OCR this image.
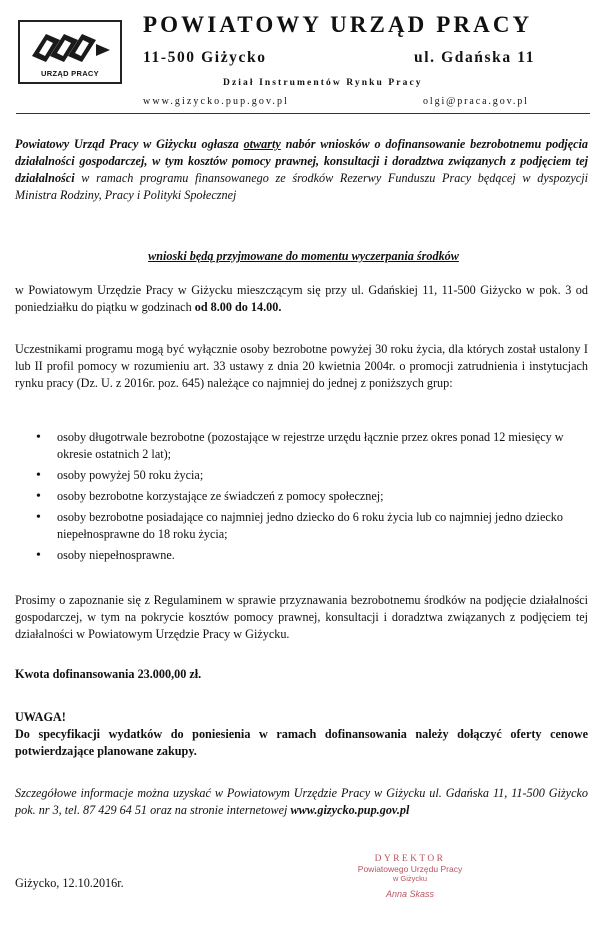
URZĄD PRACY
POWIATOWY URZĄD PRACY
11-500 Giżycko	ul. Gdańska 11
Dział Instrumentów Rynku Pracy
www.gizycko.pup.gov.pl	olgi@praca.gov.pl

Powiatowy Urząd Pracy w Giżycku ogłasza otwarty nabór wniosków o dofinansowanie bezrobotnemu podjęcia działalności gospodarczej, w tym kosztów pomocy prawnej, konsultacji i doradztwa związanych z podjęciem tej działalności w ramach programu finansowanego ze środków Rezerwy Funduszu Pracy będącej w dyspozycji Ministra Rodziny, Pracy i Polityki Społecznej

wnioski będą przyjmowane do momentu wyczerpania środków

w Powiatowym Urzędzie Pracy w Giżycku mieszczącym się przy ul. Gdańskiej 11, 11-500 Giżycko w pok. 3 od poniedziałku do piątku w godzinach od 8.00 do 14.00.

Uczestnikami programu mogą być wyłącznie osoby bezrobotne powyżej 30 roku życia, dla których został ustalony I lub II profil pomocy w rozumieniu art. 33 ustawy z dnia 20 kwietnia 2004r. o promocji zatrudnienia i instytucjach rynku pracy (Dz. U. z 2016r. poz. 645) należące co najmniej do jednej z poniższych grup:

• osoby długotrwale bezrobotne (pozostające w rejestrze urzędu łącznie przez okres ponad 12 miesięcy w okresie ostatnich 2 lat);
• osoby powyżej 50 roku życia;
• osoby bezrobotne korzystające ze świadczeń z pomocy społecznej;
• osoby bezrobotne posiadające co najmniej jedno dziecko do 6 roku życia lub co najmniej jedno dziecko niepełnosprawne do 18 roku życia;
• osoby niepełnosprawne.

Prosimy o zapoznanie się z Regulaminem w sprawie przyznawania bezrobotnemu środków na podjęcie działalności gospodarczej, w tym na pokrycie kosztów pomocy prawnej, konsultacji i doradztwa związanych z podjęciem tej działalności w Powiatowym Urzędzie Pracy w Giżycku.

Kwota dofinansowania 23.000,00 zł.

UWAGA!

Do specyfikacji wydatków do poniesienia w ramach dofinansowania należy dołączyć oferty cenowe potwierdzające planowane zakupy.

Szczegółowe informacje można uzyskać w Powiatowym Urzędzie Pracy w Giżycku ul. Gdańska 11, 11-500 Giżycko pok. nr 3, tel. 87 429 64 51 oraz na stronie internetowej www.gizycko.pup.gov.pl

Giżycko, 12.10.2016r.

DYREKTOR
Powiatowego Urzędu Pracy
w Giżycku
Anna Skass
